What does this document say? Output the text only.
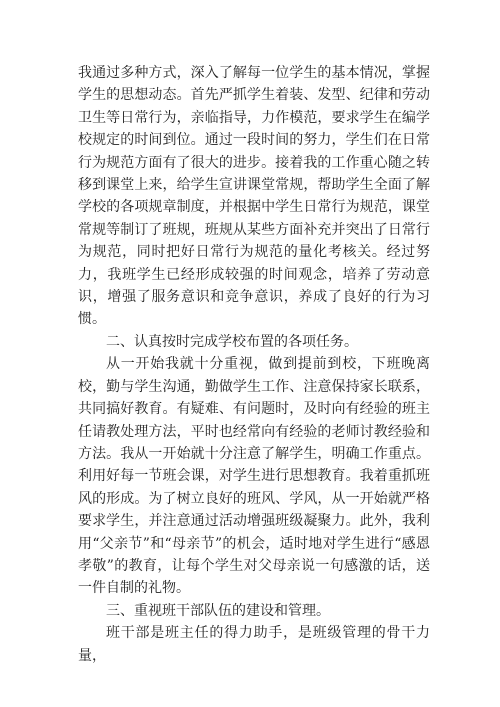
我通过多种方式，深入了解每一位学生的基本情况，掌握学生的思想动态。首先严抓学生着装、发型、纪律和劳动卫生等日常行为，亲临指导，力作模范，要求学生在编学校规定的时间到位。通过一段时间的努力，学生们在日常行为规范方面有了很大的进步。接着我的工作重心随之转移到课堂上来，给学生宣讲课堂常规，帮助学生全面了解学校的各项规章制度，并根据中学生日常行为规范，课堂常规等制订了班规，班规从某些方面补充并突出了日常行为规范，同时把好日常行为规范的量化考核关。经过努力，我班学生已经形成较强的时间观念，培养了劳动意识，增强了服务意识和竞争意识，养成了良好的行为习惯。

二、认真按时完成学校布置的各项任务。

从一开始我就十分重视，做到提前到校，下班晚离校，勤与学生沟通，勤做学生工作、注意保持家长联系，共同搞好教育。有疑难、有问题时，及时向有经验的班主任请教处理方法，平时也经常向有经验的老师讨教经验和方法。我从一开始就十分注意了解学生，明确工作重点。利用好每一节班会课，对学生进行思想教育。我着重抓班风的形成。为了树立良好的班风、学风，从一开始就严格要求学生，并注意通过活动增强班级凝聚力。此外，我利用“父亲节”和“母亲节”的机会，适时地对学生进行“感恩孝敬”的教育，让每个学生对父母亲说一句感激的话，送一件自制的礼物。

三、重视班干部队伍的建设和管理。

班干部是班主任的得力助手，是班级管理的骨干力量，
